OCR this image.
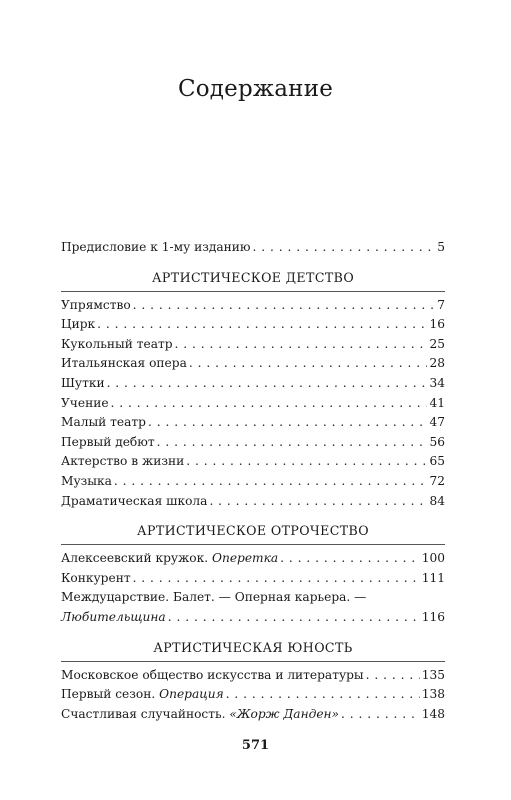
Содержание
Предисловие к 1-му изданию . . .	5
АРТИСТИЧЕСКОЕ ДЕТСТВО
Упрямство . . .	7
Цирк . . .	16
Кукольный театр . . .	25
Итальянская опера . . .	28
Шутки . . .	34
Учение . . .	41
Малый театр . . .	47
Первый дебют . . .	56
Актерство в жизни . . .	65
Музыка . . .	72
Драматическая школа . . .	84
АРТИСТИЧЕСКОЕ ОТРОЧЕСТВО
Алексеевский кружок. Оперетка . . .	100
Конкурент . . .	111
Междуцарствие. Балет. — Оперная карьера. —
Любительщина . . .	116
АРТИСТИЧЕСКАЯ ЮНОСТЬ
Московское общество искусства и литературы . . .	135
Первый сезон. Операция . . .	138
Счастливая случайность. «Жорж Данден» . . .	148
571
